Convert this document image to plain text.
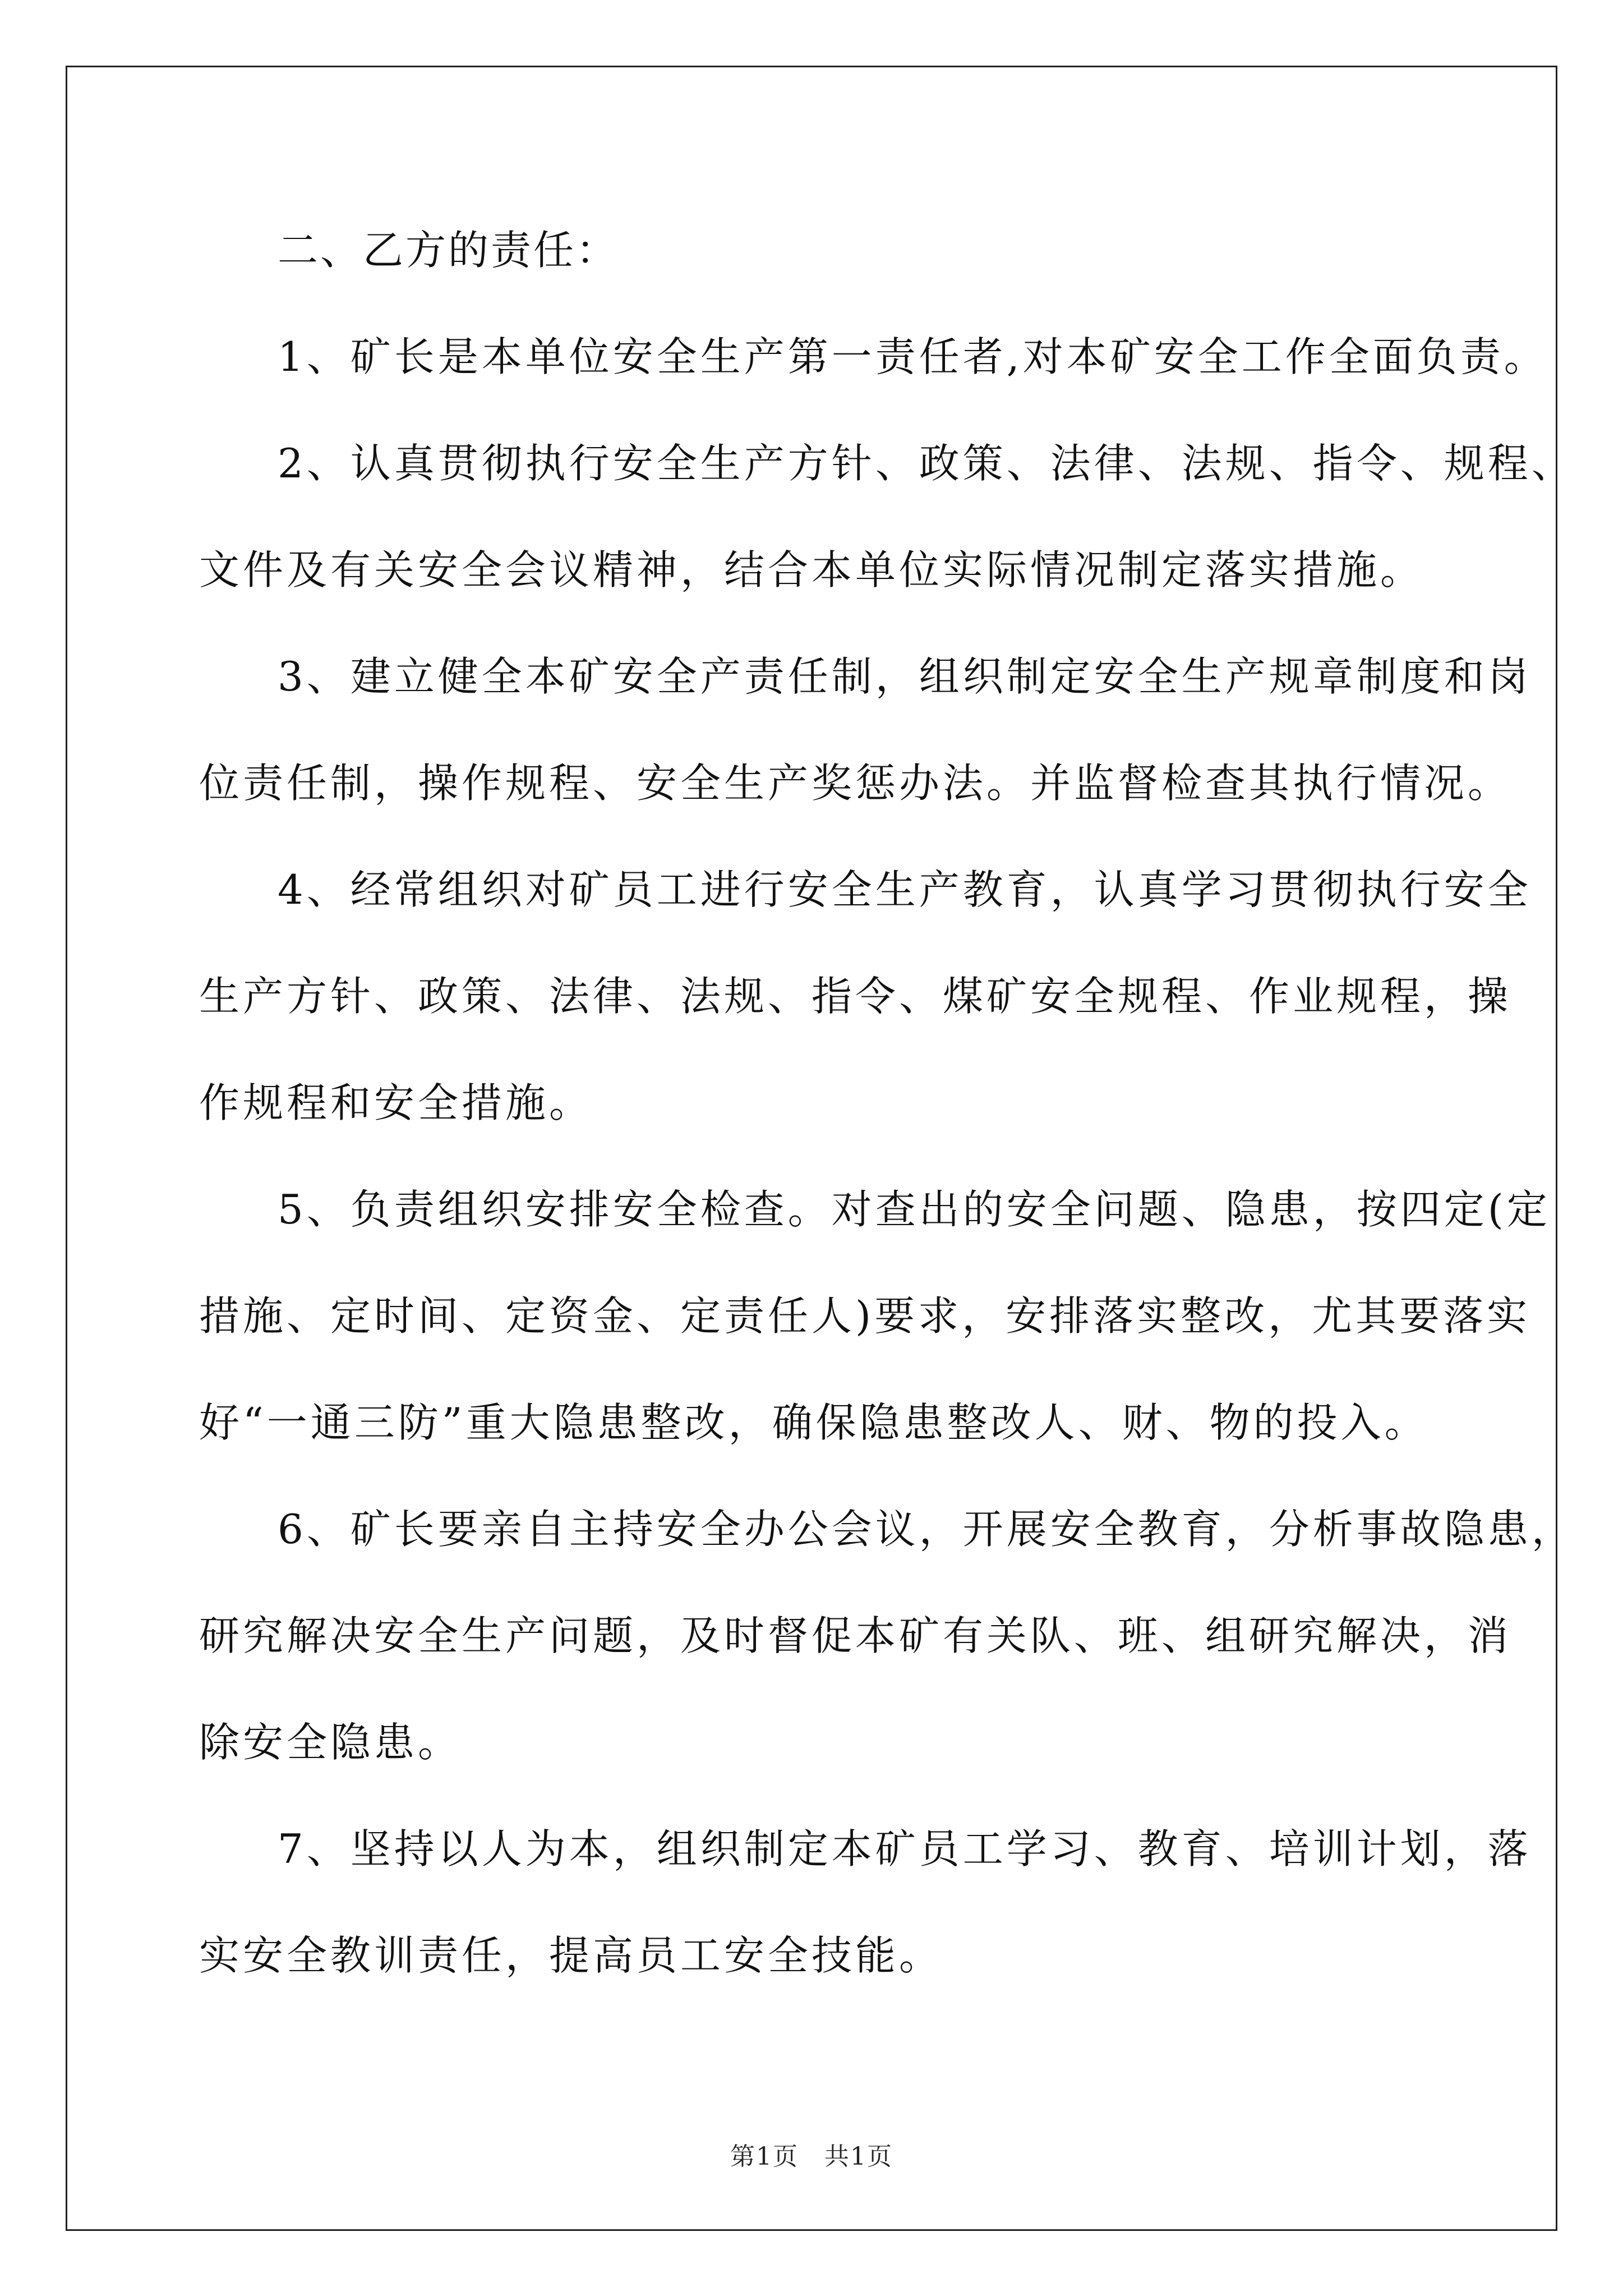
二、乙方的责任：

1、矿长是本单位安全生产第一责任者,对本矿安全工作全面负责。

2、认真贯彻执行安全生产方针、政策、法律、法规、指令、规程、

文件及有关安全会议精神，结合本单位实际情况制定落实措施。

3、建立健全本矿安全产责任制，组织制定安全生产规章制度和岗

位责任制，操作规程、安全生产奖惩办法。并监督检查其执行情况。

4、经常组织对矿员工进行安全生产教育，认真学习贯彻执行安全

生产方针、政策、法律、法规、指令、煤矿安全规程、作业规程，操

作规程和安全措施。

5、负责组织安排安全检查。对查出的安全问题、隐患，按四定(定

措施、定时间、定资金、定责任人)要求，安排落实整改，尤其要落实

好“一通三防”重大隐患整改，确保隐患整改人、财、物的投入。

6、矿长要亲自主持安全办公会议，开展安全教育，分析事故隐患，

研究解决安全生产问题，及时督促本矿有关队、班、组研究解决，消

除安全隐患。

7、坚持以人为本，组织制定本矿员工学习、教育、培训计划，落

实安全教训责任，提高员工安全技能。

第1页　共1页
